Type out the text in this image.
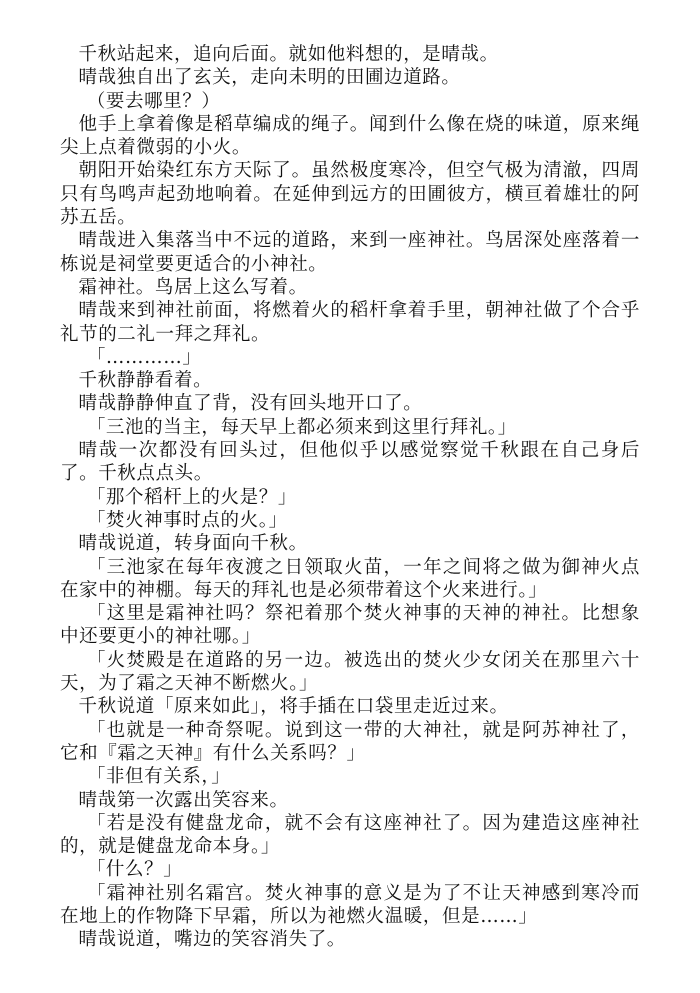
千秋站起来，追向后面。就如他料想的，是晴哉。

晴哉独自出了玄关，走向未明的田圃边道路。

（要去哪里？）

他手上拿着像是稻草编成的绳子。闻到什么像在烧的味道，原来绳尖上点着微弱的小火。

朝阳开始染红东方天际了。虽然极度寒冷，但空气极为清澈，四周只有鸟鸣声起劲地响着。在延伸到远方的田圃彼方，横亘着雄壮的阿苏五岳。

晴哉进入集落当中不远的道路，来到一座神社。鸟居深处座落着一栋说是祠堂要更适合的小神社。

霜神社。鸟居上这么写着。

晴哉来到神社前面，将燃着火的稻杆拿着手里，朝神社做了个合乎礼节的二礼一拜之拜礼。

「…………」

千秋静静看着。

晴哉静静伸直了背，没有回头地开口了。

「三池的当主，每天早上都必须来到这里行拜礼。」

晴哉一次都没有回头过，但他似乎以感觉察觉千秋跟在自己身后了。千秋点点头。

「那个稻杆上的火是？」

「焚火神事时点的火。」

晴哉说道，转身面向千秋。

「三池家在每年夜渡之日领取火苗，一年之间将之做为御神火点在家中的神棚。每天的拜礼也是必须带着这个火来进行。」

「这里是霜神社吗？祭祀着那个焚火神事的天神的神社。比想象中还要更小的神社哪。」

「火焚殿是在道路的另一边。被选出的焚火少女闭关在那里六十天，为了霜之天神不断燃火。」

千秋说道「原来如此」，将手插在口袋里走近过来。

「也就是一种奇祭呢。说到这一带的大神社，就是阿苏神社了，它和『霜之天神』有什么关系吗？」

「非但有关系，」

晴哉第一次露出笑容来。

「若是没有健盘龙命，就不会有这座神社了。因为建造这座神社的，就是健盘龙命本身。」

「什么？」

「霜神社别名霜宫。焚火神事的意义是为了不让天神感到寒冷而在地上的作物降下早霜，所以为祂燃火温暖，但是……」

晴哉说道，嘴边的笑容消失了。
